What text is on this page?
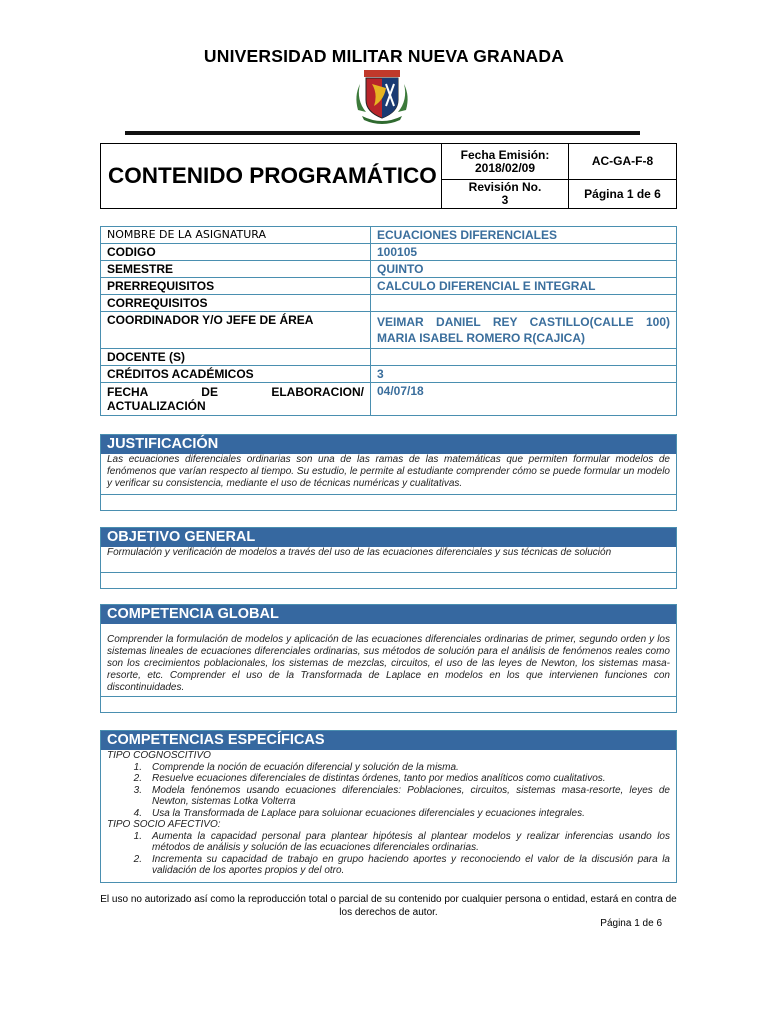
UNIVERSIDAD MILITAR NUEVA GRANADA
CONTENIDO PROGRAMÁTICO
Fecha Emisión:
2018/02/09	AC-GA-F-8
Revisión No.
3	Página 1 de 6
NOMBRE DE LA ASIGNATURA	ECUACIONES DIFERENCIALES
CODIGO	100105
SEMESTRE	QUINTO
PRERREQUISITOS	CALCULO DIFERENCIAL E INTEGRAL
CORREQUISITOS	
COORDINADOR Y/O JEFE DE ÁREA	VEIMAR DANIEL REY CASTILLO(CALLE 100)
MARIA ISABEL ROMERO R(CAJICA)

DOCENTE (S)	
CRÉDITOS ACADÉMICOS	3

FECHA DE ELABORACION/
ACTUALIZACIÓN	04/07/18
JUSTIFICACIÓN
Las ecuaciones diferenciales ordinarias son una de las ramas de las matemáticas que permiten formular modelos de fenómenos que varían respecto al tiempo. Su estudio, le permite al estudiante comprender cómo se puede formular un modelo y verificar su consistencia, mediante el uso de técnicas numéricas y cualitativas.
OBJETIVO GENERAL
Formulación y verificación de modelos a través del uso de las ecuaciones diferenciales y sus técnicas de solución
COMPETENCIA GLOBAL
Comprender la formulación de modelos y aplicación de las ecuaciones diferenciales ordinarias de primer, segundo orden y los sistemas lineales de ecuaciones diferenciales ordinarias, sus métodos de solución para el análisis de fenómenos reales como son los crecimientos poblacionales, los sistemas de mezclas, circuitos, el uso de las leyes de Newton, los sistemas masa-resorte, etc. Comprender el uso de la Transformada de Laplace en modelos en los que intervienen funciones con discontinuidades.
COMPETENCIAS ESPECÍFICAS
TIPO COGNOSCITIVO
1.	Comprende la noción de ecuación diferencial y solución de la misma.
2.	Resuelve ecuaciones diferenciales de distintas órdenes, tanto por medios analíticos como cualitativos.
3.	Modela fenónemos usando ecuaciones diferenciales: Poblaciones, circuitos, sistemas masa-resorte, leyes de Newton, sistemas Lotka Volterra
4.	Usa la Transformada de Laplace para soluionar ecuaciones diferenciales y ecuaciones integrales.
TIPO SOCIO AFECTIVO:
1.	Aumenta la capacidad personal para plantear hipótesis al plantear modelos y realizar inferencias usando los métodos de análisis y solución de las ecuaciones diferenciales ordinarias.
2.	Incrementa su capacidad de trabajo en grupo haciendo aportes y reconociendo el valor de la discusión para la validación de los aportes propios y del otro.
El uso no autorizado así como la reproducción total o parcial de su contenido por cualquier persona o entidad, estará en contra de los derechos de autor.
Página 1 de 6
